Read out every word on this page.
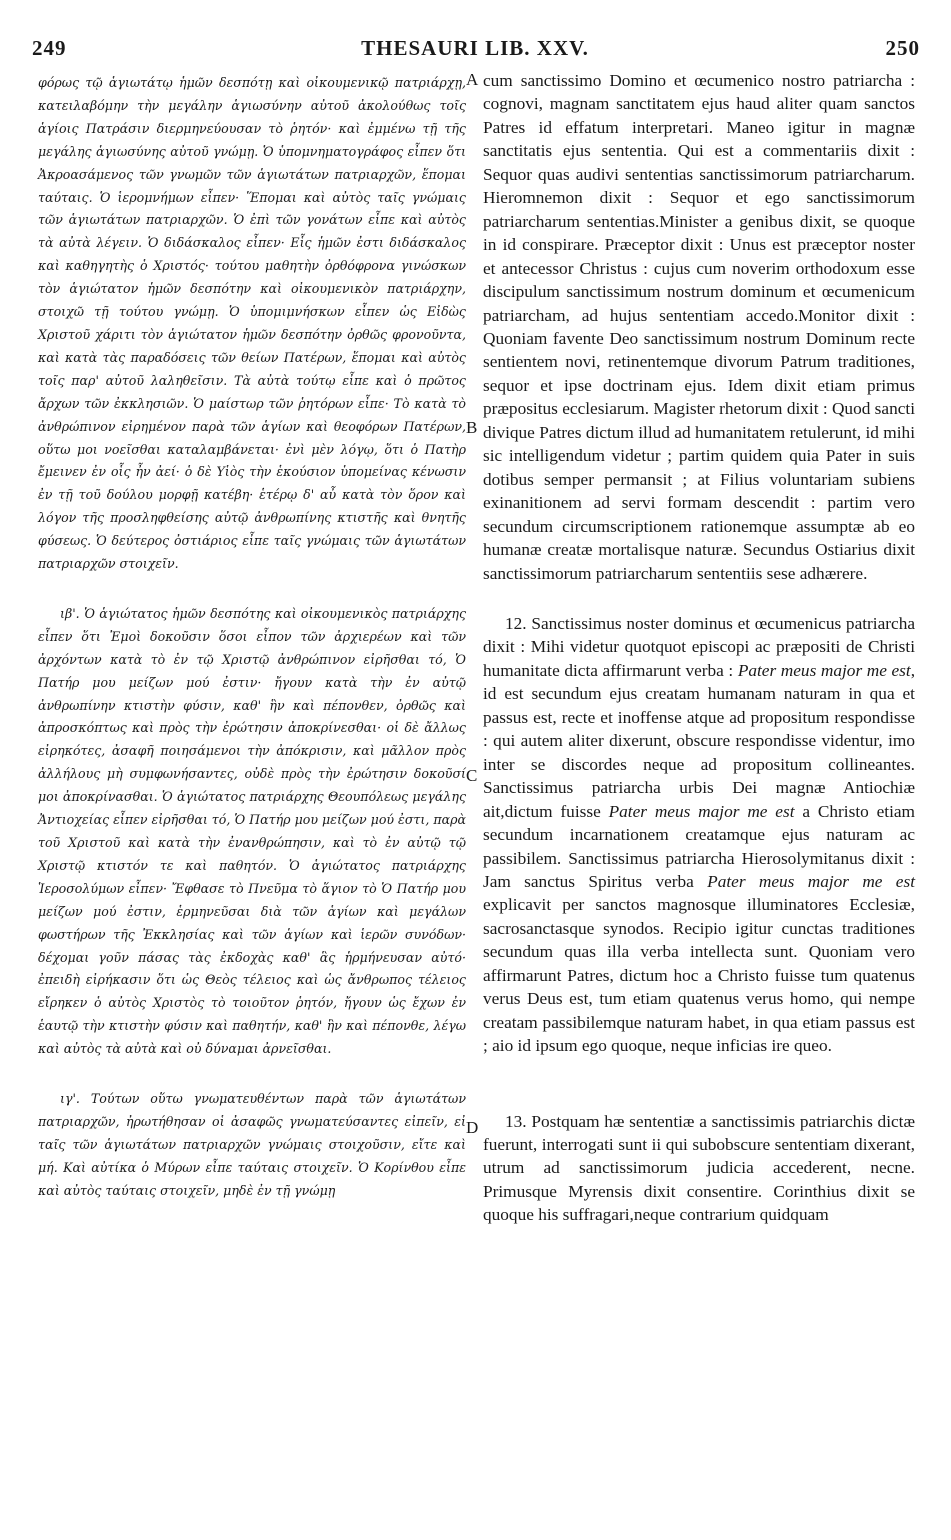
249	THESAURI LIB. XXV.	250

φόρως τῷ ἁγιωτάτῳ ἡμῶν δεσπότῃ καὶ οἰκουμενικῷ πατριάρχῃ, κατειλαβόμην τὴν μεγάλην ἁγιωσύνην αὐτοῦ ἀκολούθως τοῖς ἁγίοις Πατράσιν διερμηνεύουσαν τὸ ῥητόν· καὶ ἐμμένω τῇ τῆς μεγάλης ἁγιωσύνης αὐτοῦ γνώμῃ. Ὁ ὑπομνηματογράφος εἶπεν ὅτι Ἀκροασάμενος τῶν γνωμῶν τῶν ἁγιωτάτων πατριαρχῶν, ἕπομαι ταύταις. Ὁ ἱερομνήμων εἶπεν· Ἕπομαι καὶ αὐτὸς ταῖς γνώμαις τῶν ἁγιωτάτων πατριαρχῶν. Ὁ ἐπὶ τῶν γονάτων εἶπε καὶ αὐτὸς τὰ αὐτὰ λέγειν. Ὁ διδάσκαλος εἶπεν· Εἷς ἡμῶν ἐστι διδάσκαλος καὶ καθηγητὴς ὁ Χριστός· τούτου μαθητὴν ὀρθόφρονα γινώσκων τὸν ἁγιώτατον ἡμῶν δεσπότην καὶ οἰκουμενικὸν πατριάρχην, στοιχῶ τῇ τούτου γνώμῃ. Ὁ ὑπομιμνήσκων εἶπεν ὡς Εἰδὼς Χριστοῦ χάριτι τὸν ἁγιώτατον ἡμῶν δεσπότην ὀρθῶς φρονοῦντα, καὶ κατὰ τὰς παραδόσεις τῶν θείων Πατέρων, ἕπομαι καὶ αὐτὸς τοῖς παρ' αὐτοῦ λαληθεῖσιν. Τὰ αὐτὰ τούτῳ εἶπε καὶ ὁ πρῶτος ἄρχων τῶν ἐκκλησιῶν. Ὁ μαίστωρ τῶν ῥητόρων εἶπε· Τὸ κατὰ τὸ ἀνθρώπινον εἰρημένον παρὰ τῶν ἁγίων καὶ θεοφόρων Πατέρων, οὕτω μοι νοεῖσθαι καταλαμβάνεται· ἐνὶ μὲν λόγῳ, ὅτι ὁ Πατὴρ ἔμεινεν ἐν οἷς ἦν ἀεί· ὁ δὲ Υἱὸς τὴν ἑκούσιον ὑπομείνας κένωσιν ἐν τῇ τοῦ δούλου μορφῇ κατέβη· ἑτέρῳ δ' αὖ κατὰ τὸν ὅρον καὶ λόγον τῆς προσληφθείσης αὐτῷ ἀνθρωπίνης κτιστῆς καὶ θνητῆς φύσεως. Ὁ δεύτερος ὀστιάριος εἶπε ταῖς γνώμαις τῶν ἁγιωτάτων πατριαρχῶν στοιχεῖν.

ιβ'. Ὁ ἁγιώτατος ἡμῶν δεσπότης καὶ οἰκουμενικὸς πατριάρχης εἶπεν ὅτι Ἐμοὶ δοκοῦσιν ὅσοι εἶπον τῶν ἀρχιερέων καὶ τῶν ἀρχόντων κατὰ τὸ ἐν τῷ Χριστῷ ἀνθρώπινον εἰρῆσθαι τό, Ὁ Πατήρ μου μείζων μού ἐστιν· ἤγουν κατὰ τὴν ἐν αὐτῷ ἀνθρωπίνην κτιστὴν φύσιν, καθ' ἣν καὶ πέπονθεν, ὀρθῶς καὶ ἀπροσκόπτως καὶ πρὸς τὴν ἐρώτησιν ἀποκρίνεσθαι· οἱ δὲ ἄλλως εἰρηκότες, ἀσαφῆ ποιησάμενοι τὴν ἀπόκρισιν, καὶ μᾶλλον πρὸς ἀλλήλους μὴ συμφωνήσαντες, οὐδὲ πρὸς τὴν ἐρώτησιν δοκοῦσί μοι ἀποκρίνασθαι. Ὁ ἁγιώτατος πατριάρχης Θεουπόλεως μεγάλης Ἀντιοχείας εἶπεν εἰρῆσθαι τό, Ὁ Πατήρ μου μείζων μού ἐστι, παρὰ τοῦ Χριστοῦ καὶ κατὰ τὴν ἐνανθρώπησιν, καὶ τὸ ἐν αὐτῷ τῷ Χριστῷ κτιστόν τε καὶ παθητόν. Ὁ ἁγιώτατος πατριάρχης Ἱεροσολύμων εἶπεν· Ἔφθασε τὸ Πνεῦμα τὸ ἅγιον τὸ Ὁ Πατήρ μου μείζων μού ἐστιν, ἑρμηνεῦσαι διὰ τῶν ἁγίων καὶ μεγάλων φωστήρων τῆς Ἐκκλησίας καὶ τῶν ἁγίων καὶ ἱερῶν συνόδων· δέχομαι γοῦν πάσας τὰς ἐκδοχὰς καθ' ἃς ἡρμήνευσαν αὐτό· ἐπειδὴ εἰρήκασιν ὅτι ὡς Θεὸς τέλειος καὶ ὡς ἄνθρωπος τέλειος εἴρηκεν ὁ αὐτὸς Χριστὸς τὸ τοιοῦτον ῥητόν, ἤγουν ὡς ἔχων ἐν ἑαυτῷ τὴν κτιστὴν φύσιν καὶ παθητήν, καθ' ἣν καὶ πέπονθε, λέγω καὶ αὐτὸς τὰ αὐτὰ καὶ οὐ δύναμαι ἀρνεῖσθαι.

ιγ'. Τούτων οὕτω γνωματευθέντων παρὰ τῶν ἁγιωτάτων πατριαρχῶν, ἠρωτήθησαν οἱ ἀσαφῶς γνωματεύσαντες εἰπεῖν, εἰ ταῖς τῶν ἁγιωτάτων πατριαρχῶν γνώμαις στοιχοῦσιν, εἴτε καὶ μή. Καὶ αὐτίκα ὁ Μύρων εἶπε ταύταις στοιχεῖν. Ὁ Κορίνθου εἶπε καὶ αὐτὸς ταύταις στοιχεῖν, μηδὲ ἐν τῇ γνώμῃ

A
B
C
D

cum sanctissimo Domino et œcumenico nostro patriarcha : cognovi, magnam sanctitatem ejus haud aliter quam sanctos Patres id effatum interpretari. Maneo igitur in magnæ sanctitatis ejus sententia. Qui est a commentariis dixit : Sequor quas audivi sententias sanctissimorum patriarcharum. Hieromnemon dixit : Sequor et ego sanctissimorum patriarcharum sententias.Minister a genibus dixit, se quoque in id conspirare. Præceptor dixit : Unus est præceptor noster et antecessor Christus : cujus cum noverim orthodoxum esse discipulum sanctissimum nostrum dominum et œcumenicum patriarcham, ad hujus sententiam accedo.Monitor dixit : Quoniam favente Deo sanctissimum nostrum Dominum recte sentientem novi, retinentemque divorum Patrum traditiones, sequor et ipse doctrinam ejus. Idem dixit etiam primus præpositus ecclesiarum. Magister rhetorum dixit : Quod sancti divique Patres dictum illud ad humanitatem retulerunt, id mihi sic intelligendum videtur ; partim quidem quia Pater in suis dotibus semper permansit ; at Filius voluntariam subiens exinanitionem ad servi formam descendit : partim vero secundum circumscriptionem rationemque assumptæ ab eo humanæ creatæ mortalisque naturæ. Secundus Ostiarius dixit sanctissimorum patriarcharum sententiis sese adhærere.

12. Sanctissimus noster dominus et œcumenicus patriarcha dixit : Mihi videtur quotquot episcopi ac præpositi de Christi humanitate dicta affirmarunt verba : Pater meus major me est, id est secundum ejus creatam humanam naturam in qua et passus est, recte et inoffense atque ad propositum respondisse : qui autem aliter dixerunt, obscure respondisse videntur, imo inter se discordes neque ad propositum collineantes. Sanctissimus patriarcha urbis Dei magnæ Antiochiæ ait,dictum fuisse Pater meus major me est a Christo etiam secundum incarnationem creatamque ejus naturam ac passibilem. Sanctissimus patriarcha Hierosolymitanus dixit : Jam sanctus Spiritus verba Pater meus major me est explicavit per sanctos magnosque illuminatores Ecclesiæ, sacrosanctasque synodos. Recipio igitur cunctas traditiones secundum quas illa verba intellecta sunt. Quoniam vero affirmarunt Patres, dictum hoc a Christo fuisse tum quatenus verus Deus est, tum etiam quatenus verus homo, qui nempe creatam passibilemque naturam habet, in qua etiam passus est ; aio id ipsum ego quoque, neque inficias ire queo.

13. Postquam hæ sententiæ a sanctissimis patriarchis dictæ fuerunt, interrogati sunt ii qui subobscure sententiam dixerant, utrum ad sanctissimorum judicia accederent, necne. Primusque Myrensis dixit consentire. Corinthius dixit se quoque his suffragari,neque contrarium quidquam
